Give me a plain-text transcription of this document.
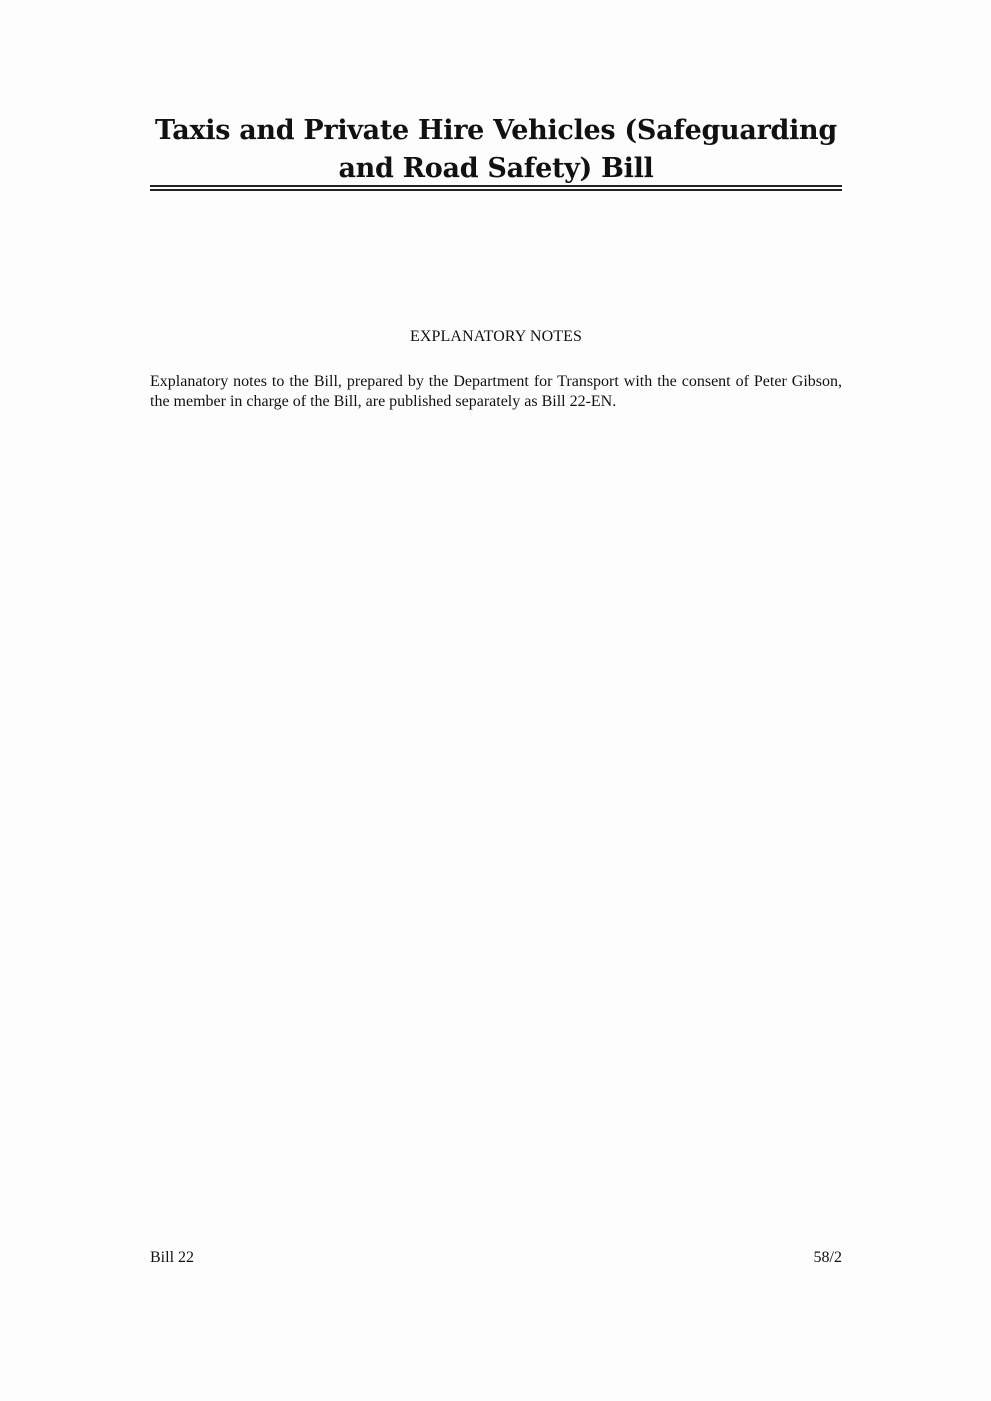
Taxis and Private Hire Vehicles (Safeguarding and Road Safety) Bill

EXPLANATORY NOTES

Explanatory notes to the Bill, prepared by the Department for Transport with the consent of Peter Gibson, the member in charge of the Bill, are published separately as Bill 22-EN.

Bill 22	58/2
